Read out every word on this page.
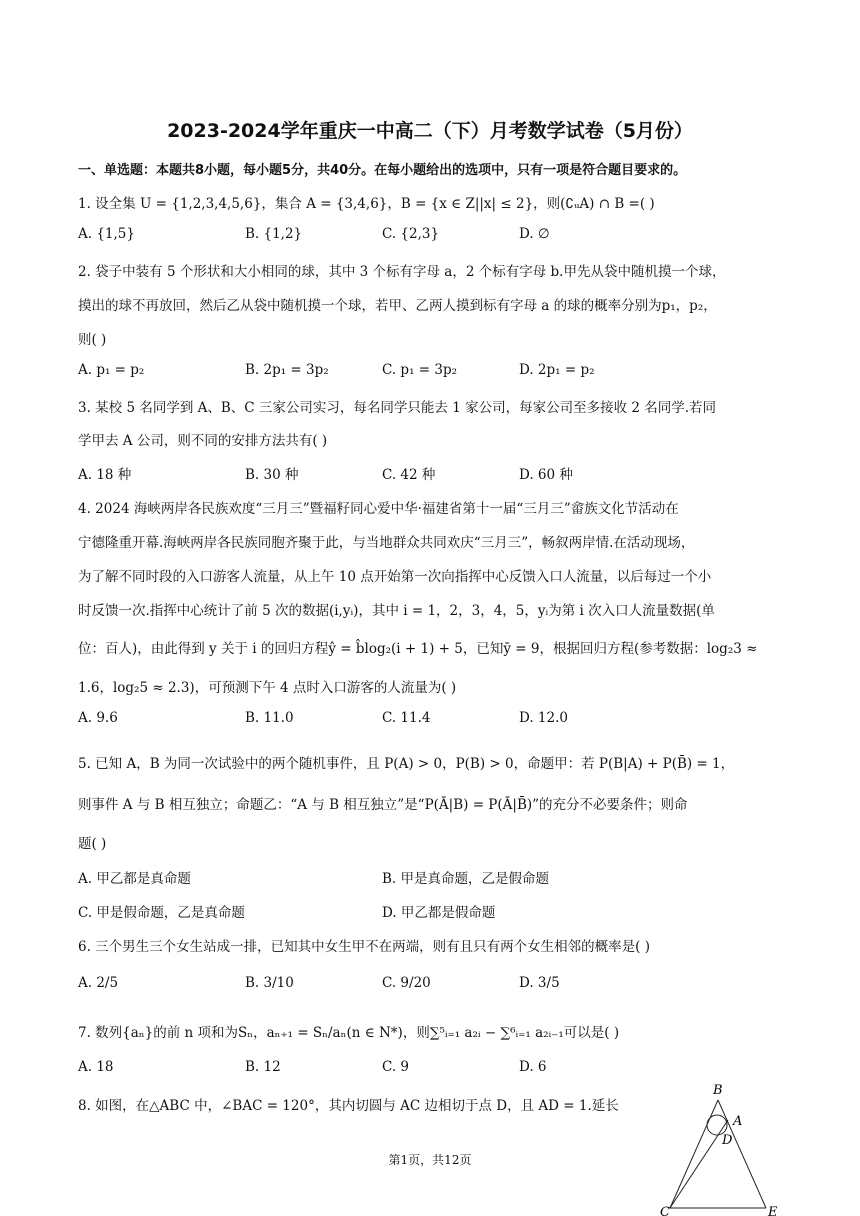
2023-2024学年重庆一中高二（下）月考数学试卷（5月份）
一、单选题：本题共8小题，每小题5分，共40分。在每小题给出的选项中，只有一项是符合题目要求的。
1. 设全集 U = {1,2,3,4,5,6}，集合 A = {3,4,6}，B = {x ∈ Z||x| ≤ 2}，则(∁ᵤA) ∩ B =( )
A. {1,5}	B. {1,2}	C. {2,3}	D. ∅
2. 袋子中装有 5 个形状和大小相同的球，其中 3 个标有字母 a，2 个标有字母 b.甲先从袋中随机摸一个球，
摸出的球不再放回，然后乙从袋中随机摸一个球，若甲、乙两人摸到标有字母 a 的球的概率分别为p₁，p₂，
则( )
A. p₁ = p₂	B. 2p₁ = 3p₂	C. p₁ = 3p₂	D. 2p₁ = p₂
3. 某校 5 名同学到 A、B、C 三家公司实习，每名同学只能去 1 家公司，每家公司至多接收 2 名同学.若同
学甲去 A 公司，则不同的安排方法共有( )
A. 18 种	B. 30 种	C. 42 种	D. 60 种
4. 2024 海峡两岸各民族欢度“三月三”暨福籽同心爱中华·福建省第十一届“三月三”畲族文化节活动在
宁德隆重开幕.海峡两岸各民族同胞齐聚于此，与当地群众共同欢庆“三月三”，畅叙两岸情.在活动现场，
为了解不同时段的入口游客人流量，从上午 10 点开始第一次向指挥中心反馈入口人流量，以后每过一个小
时反馈一次.指挥中心统计了前 5 次的数据(i,yᵢ)，其中 i = 1，2，3，4，5，yᵢ为第 i 次入口人流量数据(单
位：百人)，由此得到 y 关于 i 的回归方程ŷ = b̂log₂(i + 1) + 5，已知ȳ = 9，根据回归方程(参考数据：log₂3 ≈
1.6，log₂5 ≈ 2.3)，可预测下午 4 点时入口游客的人流量为( )
A. 9.6	B. 11.0	C. 11.4	D. 12.0
5. 已知 A，B 为同一次试验中的两个随机事件，且 P(A) > 0，P(B) > 0，命题甲：若 P(B|A) + P(B̄) = 1，
则事件 A 与 B 相互独立；命题乙：“A 与 B 相互独立”是“P(Ā|B) = P(Ā|B̄)”的充分不必要条件；则命
题( )
A. 甲乙都是真命题	B. 甲是真命题，乙是假命题
C. 甲是假命题，乙是真命题	D. 甲乙都是假命题
6. 三个男生三个女生站成一排，已知其中女生甲不在两端，则有且只有两个女生相邻的概率是( )
A. 2/5	B. 3/10	C. 9/20	D. 3/5
7. 数列{aₙ}的前 n 项和为Sₙ，aₙ₊₁ = Sₙ/aₙ(n ∈ N*)，则∑⁵ᵢ₌₁ a₂ᵢ − ∑⁶ᵢ₌₁ a₂ᵢ₋₁可以是( )
A. 18	B. 12	C. 9	D. 6
8. 如图，在△ABC 中，∠BAC = 120°，其内切圆与 AC 边相切于点 D，且 AD = 1.延长
B
A
D
C	E
第1页，共12页
